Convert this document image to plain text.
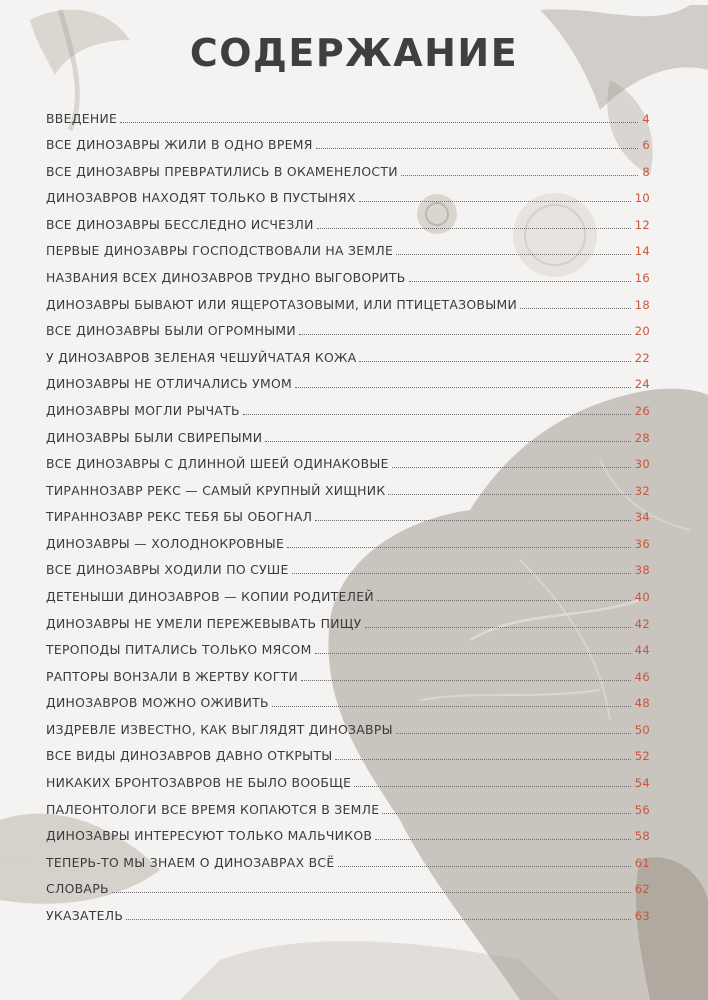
СОДЕРЖАНИЕ
ВВЕДЕНИЕ	4
ВСЕ ДИНОЗАВРЫ ЖИЛИ В ОДНО ВРЕМЯ	6
ВСЕ ДИНОЗАВРЫ ПРЕВРАТИЛИСЬ В ОКАМЕНЕЛОСТИ	8
ДИНОЗАВРОВ НАХОДЯТ ТОЛЬКО В ПУСТЫНЯХ	10
ВСЕ ДИНОЗАВРЫ БЕССЛЕДНО ИСЧЕЗЛИ	12
ПЕРВЫЕ ДИНОЗАВРЫ ГОСПОДСТВОВАЛИ НА ЗЕМЛЕ	14
НАЗВАНИЯ ВСЕХ ДИНОЗАВРОВ ТРУДНО ВЫГОВОРИТЬ	16
ДИНОЗАВРЫ БЫВАЮТ ИЛИ ЯЩЕРОТАЗОВЫМИ, ИЛИ ПТИЦЕТАЗОВЫМИ	18
ВСЕ ДИНОЗАВРЫ БЫЛИ ОГРОМНЫМИ	20
У ДИНОЗАВРОВ ЗЕЛЕНАЯ ЧЕШУЙЧАТАЯ КОЖА	22
ДИНОЗАВРЫ НЕ ОТЛИЧАЛИСЬ УМОМ	24
ДИНОЗАВРЫ МОГЛИ РЫЧАТЬ	26
ДИНОЗАВРЫ БЫЛИ СВИРЕПЫМИ	28
ВСЕ ДИНОЗАВРЫ С ДЛИННОЙ ШЕЕЙ ОДИНАКОВЫЕ	30
ТИРАННОЗАВР РЕКС — САМЫЙ КРУПНЫЙ ХИЩНИК	32
ТИРАННОЗАВР РЕКС ТЕБЯ БЫ ОБОГНАЛ	34
ДИНОЗАВРЫ — ХОЛОДНОКРОВНЫЕ	36
ВСЕ ДИНОЗАВРЫ ХОДИЛИ ПО СУШЕ	38
ДЕТЕНЫШИ ДИНОЗАВРОВ — КОПИИ РОДИТЕЛЕЙ	40
ДИНОЗАВРЫ НЕ УМЕЛИ ПЕРЕЖЕВЫВАТЬ ПИЩУ	42
ТЕРОПОДЫ ПИТАЛИСЬ ТОЛЬКО МЯСОМ	44
РАПТОРЫ ВОНЗАЛИ В ЖЕРТВУ КОГТИ	46
ДИНОЗАВРОВ МОЖНО ОЖИВИТЬ	48
ИЗДРЕВЛЕ ИЗВЕСТНО, КАК ВЫГЛЯДЯТ ДИНОЗАВРЫ	50
ВСЕ ВИДЫ ДИНОЗАВРОВ ДАВНО ОТКРЫТЫ	52
НИКАКИХ БРОНТОЗАВРОВ НЕ БЫЛО ВООБЩЕ	54
ПАЛЕОНТОЛОГИ ВСЕ ВРЕМЯ КОПАЮТСЯ В ЗЕМЛЕ	56
ДИНОЗАВРЫ ИНТЕРЕСУЮТ ТОЛЬКО МАЛЬЧИКОВ	58
ТЕПЕРЬ-ТО МЫ ЗНАЕМ О ДИНОЗАВРАХ ВСЁ	61
СЛОВАРЬ	62
УКАЗАТЕЛЬ	63
